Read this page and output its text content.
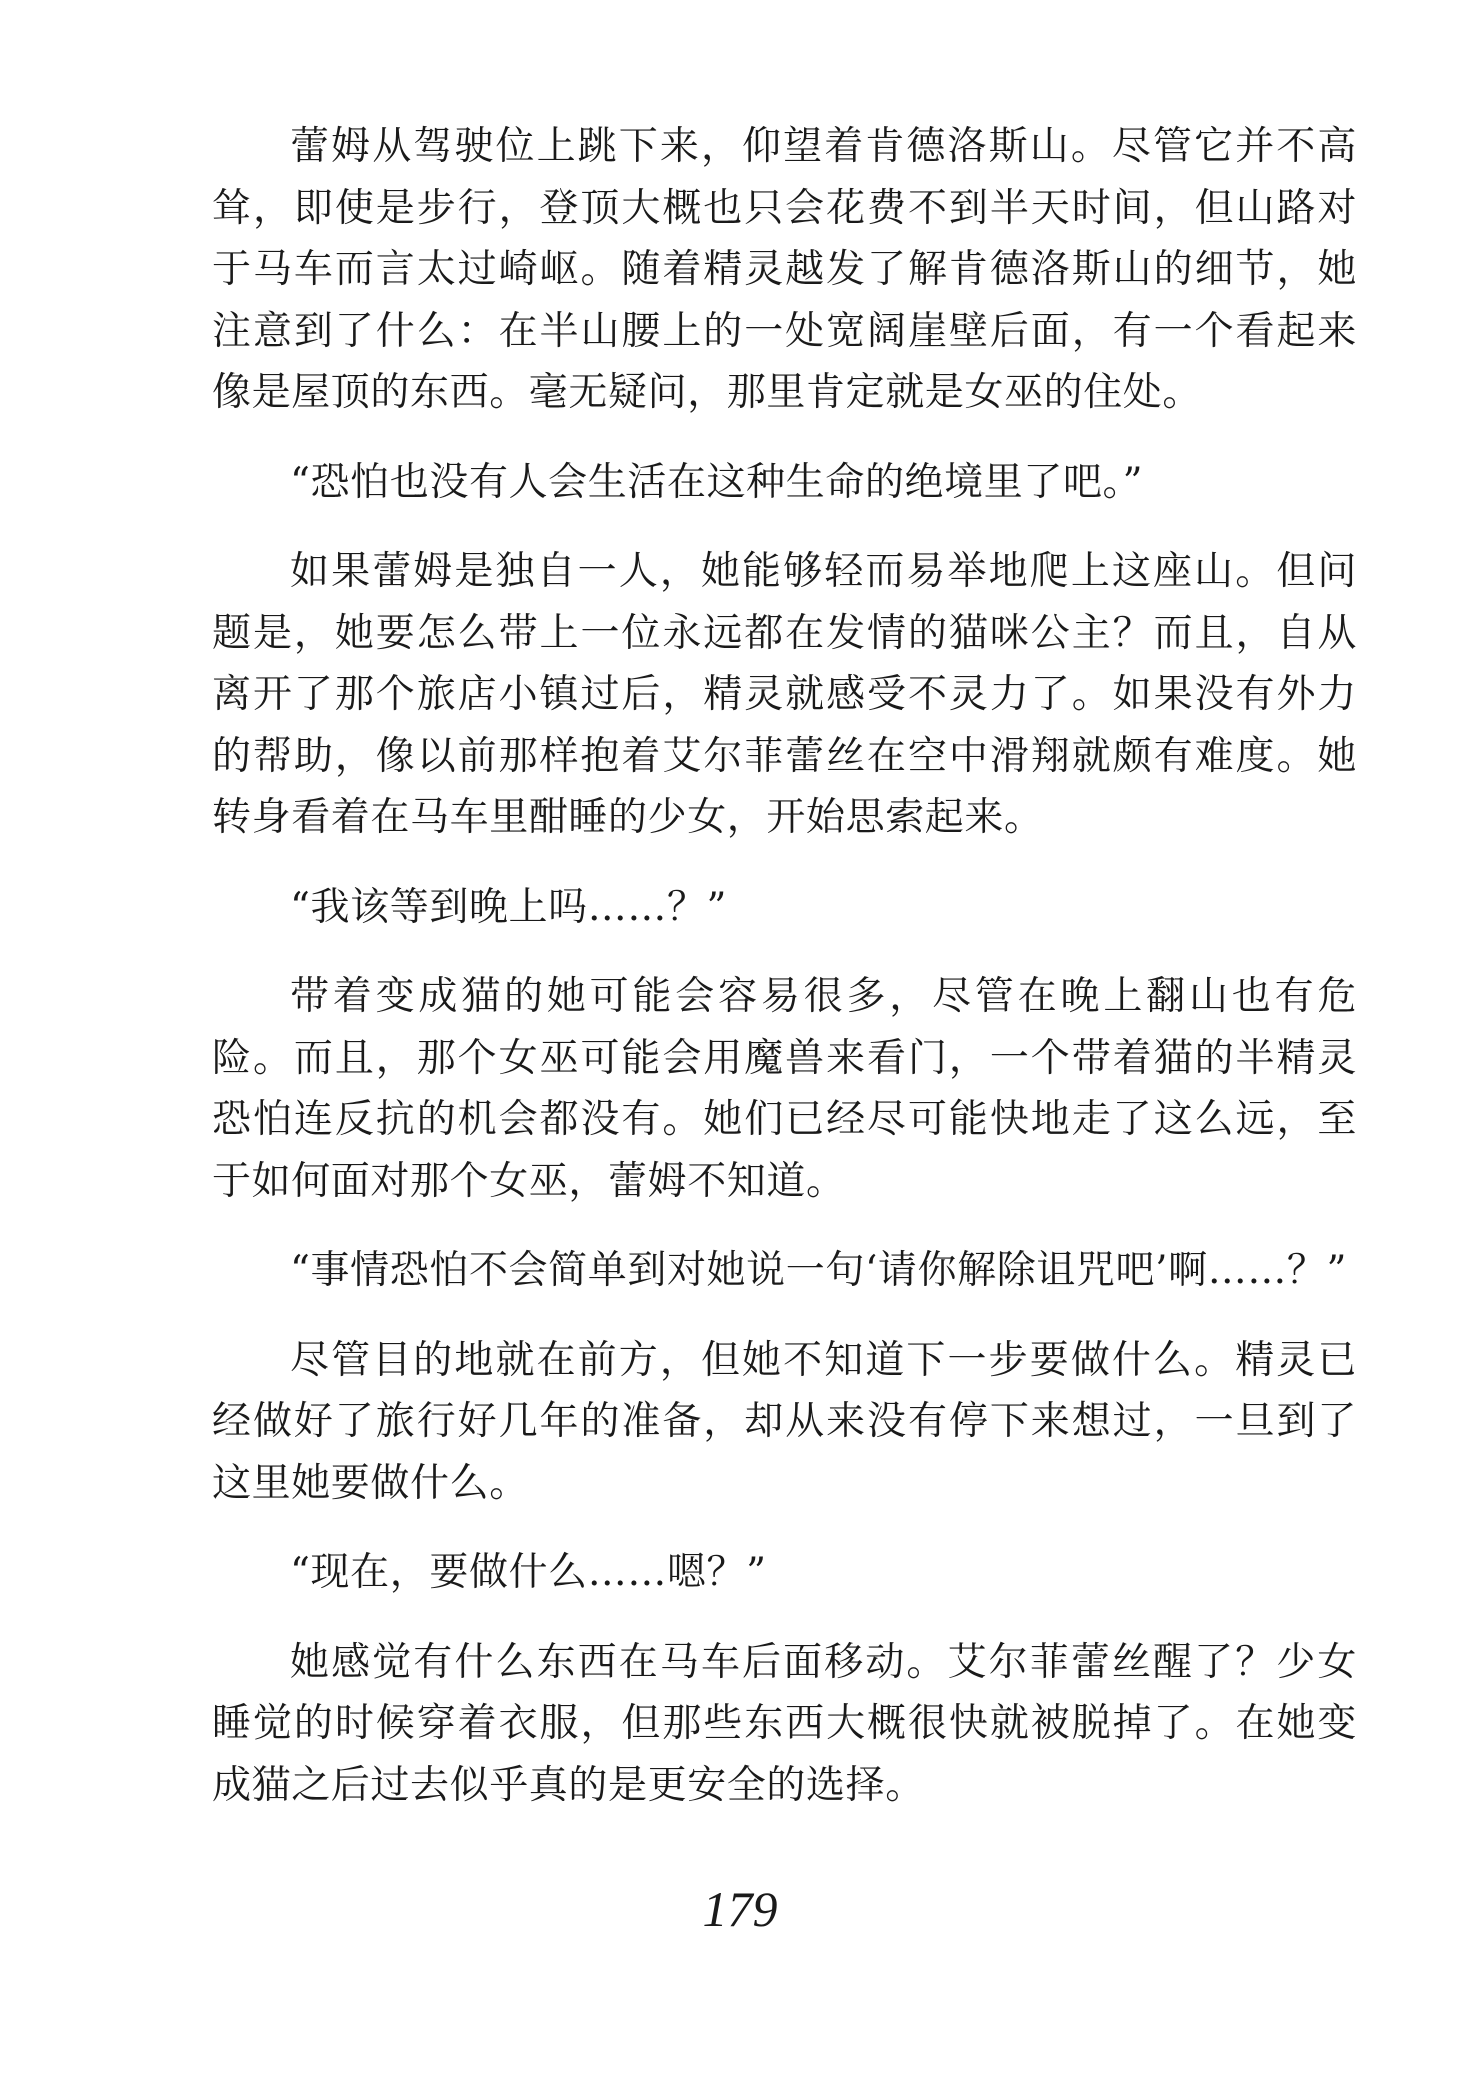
蕾姆从驾驶位上跳下来，仰望着肯德洛斯山。尽管它并不高耸，即使是步行，登顶大概也只会花费不到半天时间，但山路对于马车而言太过崎岖。随着精灵越发了解肯德洛斯山的细节，她注意到了什么：在半山腰上的一处宽阔崖壁后面，有一个看起来像是屋顶的东西。毫无疑问，那里肯定就是女巫的住处。

“恐怕也没有人会生活在这种生命的绝境里了吧。”

如果蕾姆是独自一人，她能够轻而易举地爬上这座山。但问题是，她要怎么带上一位永远都在发情的猫咪公主？而且，自从离开了那个旅店小镇过后，精灵就感受不灵力了。如果没有外力的帮助，像以前那样抱着艾尔菲蕾丝在空中滑翔就颇有难度。她转身看着在马车里酣睡的少女，开始思索起来。

“我该等到晚上吗……？”

带着变成猫的她可能会容易很多，尽管在晚上翻山也有危险。而且，那个女巫可能会用魔兽来看门，一个带着猫的半精灵恐怕连反抗的机会都没有。她们已经尽可能快地走了这么远，至于如何面对那个女巫，蕾姆不知道。

“事情恐怕不会简单到对她说一句‘请你解除诅咒吧’啊……？”

尽管目的地就在前方，但她不知道下一步要做什么。精灵已经做好了旅行好几年的准备，却从来没有停下来想过，一旦到了这里她要做什么。

“现在，要做什么……嗯？”

她感觉有什么东西在马车后面移动。艾尔菲蕾丝醒了？少女睡觉的时候穿着衣服，但那些东西大概很快就被脱掉了。在她变成猫之后过去似乎真的是更安全的选择。

179
